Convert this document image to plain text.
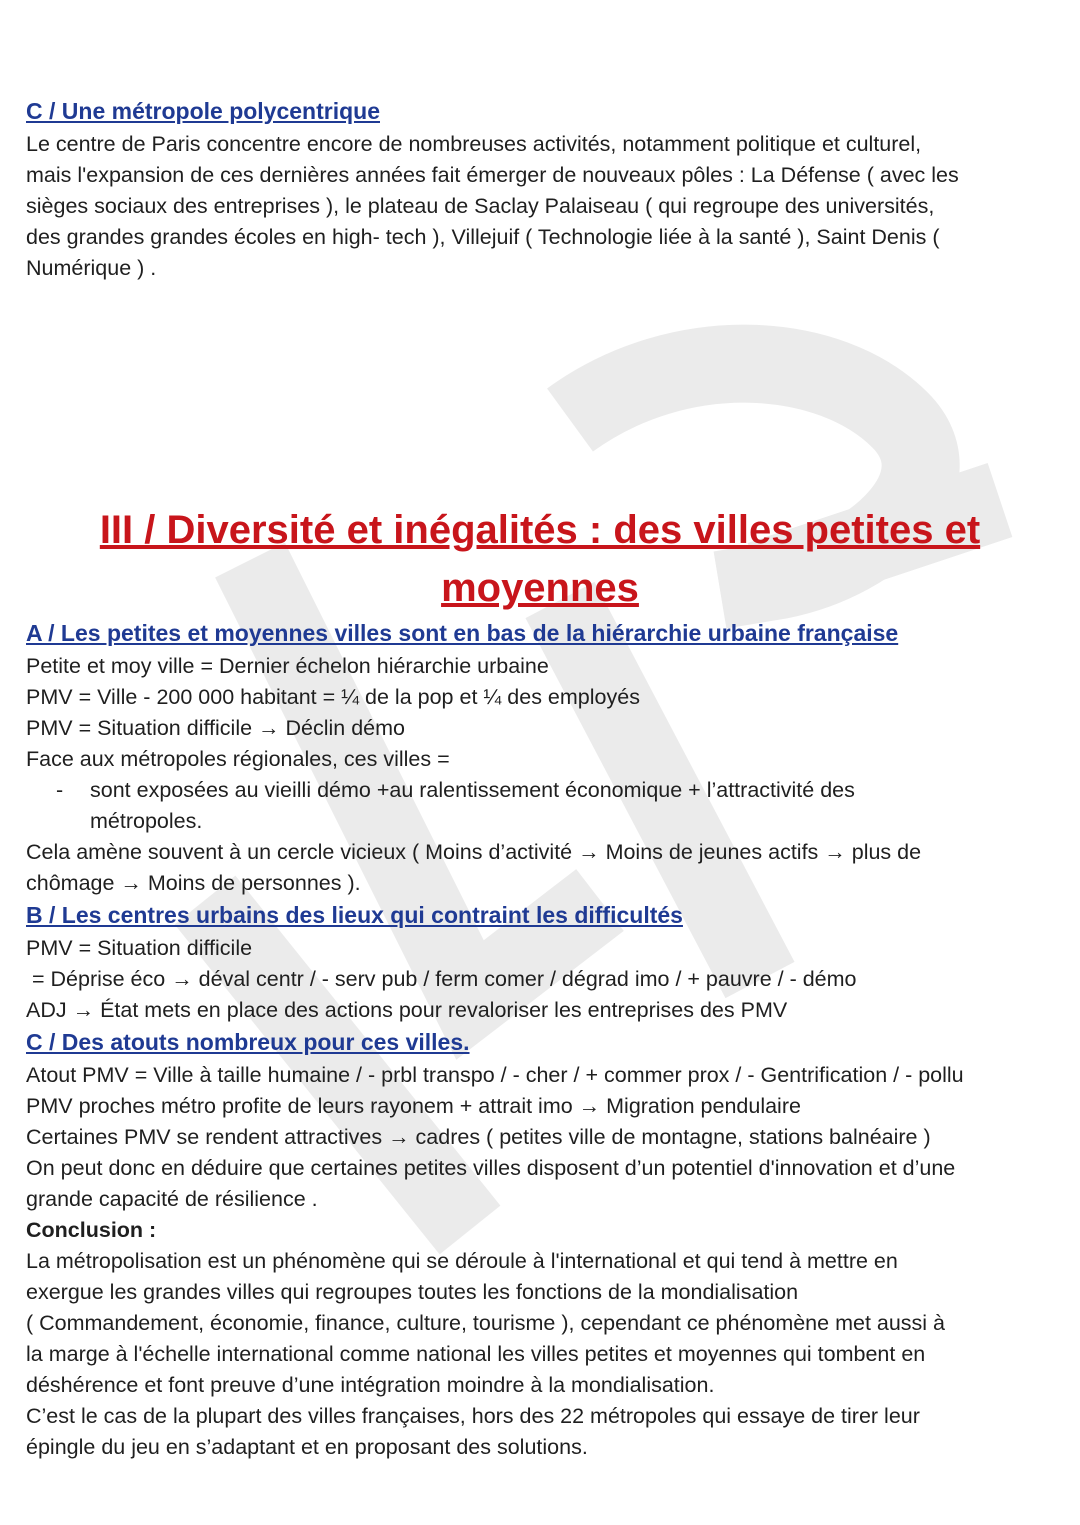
C / Une métropole polycentrique

Le centre de Paris concentre encore de nombreuses activités, notamment politique et culturel,

mais l'expansion de ces dernières années fait émerger de nouveaux pôles : La Défense ( avec les

sièges sociaux des entreprises ), le plateau de Saclay Palaiseau ( qui regroupe des universités,

des grandes grandes écoles en high- tech ), Villejuif ( Technologie liée à la santé ), Saint Denis (

Numérique ) .

III / Diversité et inégalités : des villes petites et
moyennes

A / Les petites et moyennes villes sont en bas de la hiérarchie urbaine française

Petite et moy ville = Dernier échelon hiérarchie urbaine

PMV = Ville - 200 000 habitant = ¼ de la pop et ¼ des employés

PMV = Situation difficile → Déclin démo

Face aux métropoles régionales, ces villes =

- sont exposées au vieilli démo +au ralentissement économique + l’attractivité des

métropoles.

Cela amène souvent à un cercle vicieux ( Moins d’activité → Moins de jeunes actifs → plus de

chômage → Moins de personnes ).

B / Les centres urbains des lieux qui contraint les difficultés

PMV = Situation difficile

= Déprise éco → déval centr / - serv pub / ferm comer / dégrad imo / + pauvre / - démo

ADJ → État mets en place des actions pour revaloriser les entreprises des PMV

C / Des atouts nombreux pour ces villes.

Atout PMV = Ville à taille humaine / - prbl transpo / - cher / + commer prox / - Gentrification / - pollu

PMV proches métro profite de leurs rayonem + attrait imo → Migration pendulaire

Certaines PMV se rendent attractives → cadres ( petites ville de montagne, stations balnéaire )

On peut donc en déduire que certaines petites villes disposent d’un potentiel d'innovation et d’une

grande capacité de résilience .

Conclusion :

La métropolisation est un phénomène qui se déroule à l'international et qui tend à mettre en

exergue les grandes villes qui regroupes toutes les fonctions de la mondialisation

( Commandement, économie, finance, culture, tourisme ), cependant ce phénomène met aussi à

la marge à l'échelle international comme national les villes petites et moyennes qui tombent en

déshérence et font preuve d’une intégration moindre à la mondialisation.

C’est le cas de la plupart des villes françaises, hors des 22 métropoles qui essaye de tirer leur

épingle du jeu en s’adaptant et en proposant des solutions.
